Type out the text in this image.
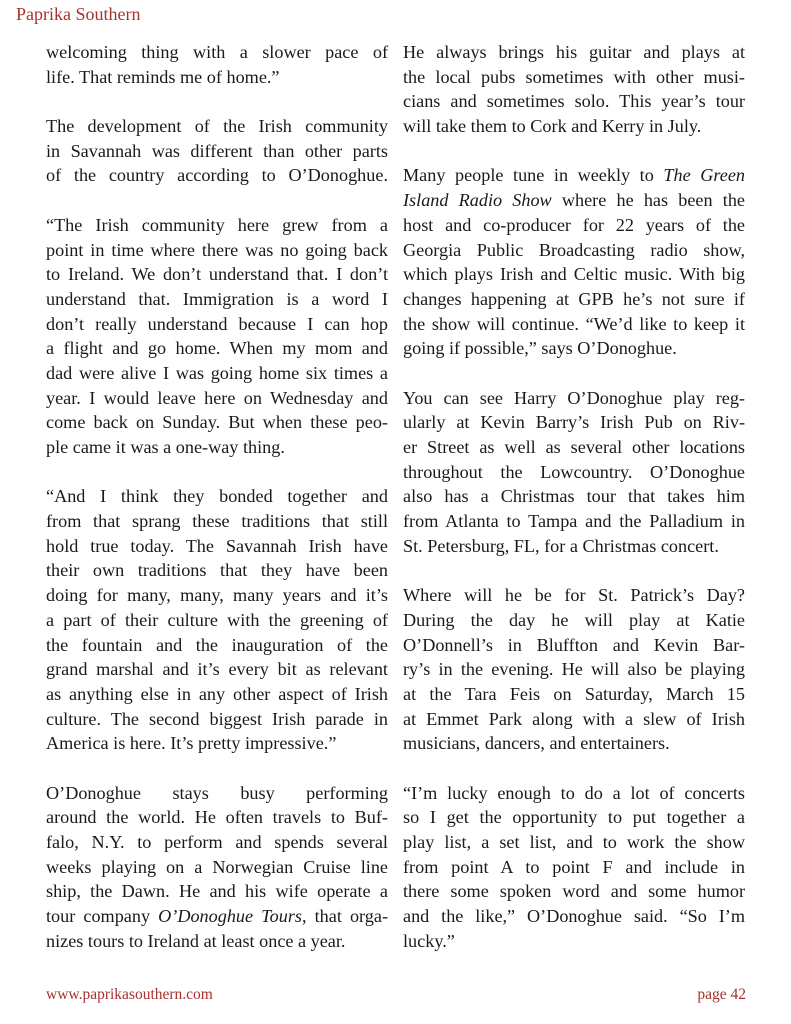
Paprika Southern
welcoming thing with a slower pace of
life. That reminds me of home.”
The development of the Irish community
in Savannah was different than other parts
of the country according to O’Donoghue.
“The Irish community here grew from a
point in time where there was no going back
to Ireland. We don’t understand that. I don’t
understand that. Immigration is a word I
don’t really understand because I can hop
a flight and go home. When my mom and
dad were alive I was going home six times a
year. I would leave here on Wednesday and
come back on Sunday. But when these peo-
ple came it was a one-way thing.
“And I think they bonded together and
from that sprang these traditions that still
hold true today. The Savannah Irish have
their own traditions that they have been
doing for many, many, many years and it’s
a part of their culture with the greening of
the fountain and the inauguration of the
grand marshal and it’s every bit as relevant
as anything else in any other aspect of Irish
culture. The second biggest Irish parade in
America is here. It’s pretty impressive.”
O’Donoghue stays busy performing
around the world. He often travels to Buf-
falo, N.Y. to perform and spends several
weeks playing on a Norwegian Cruise line
ship, the Dawn. He and his wife operate a
tour company O’Donoghue Tours, that orga-
nizes tours to Ireland at least once a year.
He always brings his guitar and plays at
the local pubs sometimes with other musi-
cians and sometimes solo. This year’s tour
will take them to Cork and Kerry in July.
Many people tune in weekly to The Green
Island Radio Show where he has been the
host and co-producer for 22 years of the
Georgia Public Broadcasting radio show,
which plays Irish and Celtic music. With big
changes happening at GPB he’s not sure if
the show will continue. “We’d like to keep it
going if possible,” says O’Donoghue.
You can see Harry O’Donoghue play reg-
ularly at Kevin Barry’s Irish Pub on Riv-
er Street as well as several other locations
throughout the Lowcountry. O’Donoghue
also has a Christmas tour that takes him
from Atlanta to Tampa and the Palladium in
St. Petersburg, FL, for a Christmas concert.
Where will he be for St. Patrick’s Day?
During the day he will play at Katie
O’Donnell’s in Bluffton and Kevin Bar-
ry’s in the evening. He will also be playing
at the Tara Feis on Saturday, March 15
at Emmet Park along with a slew of Irish
musicians, dancers, and entertainers.
“I’m lucky enough to do a lot of concerts
so I get the opportunity to put together a
play list, a set list, and to work the show
from point A to point F and include in
there some spoken word and some humor
and the like,” O’Donoghue said. “So I’m
lucky.”
www.paprikasouthern.com	page 42
